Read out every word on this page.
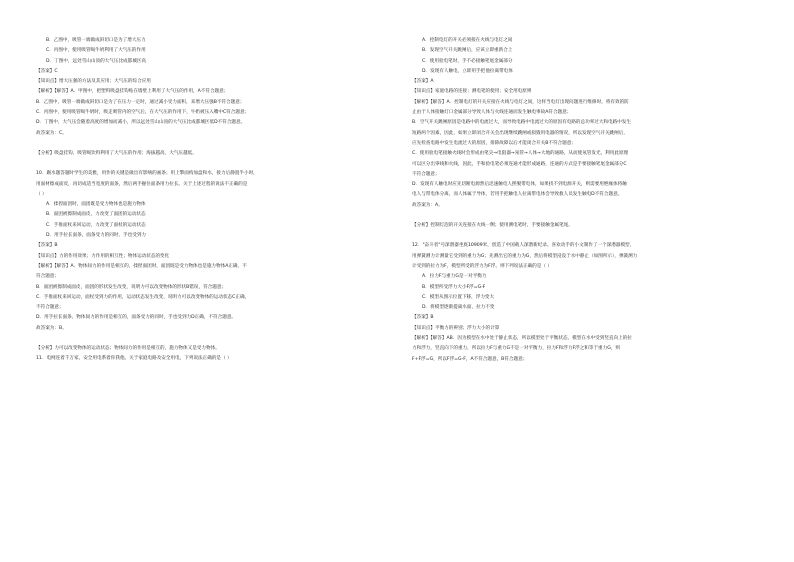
B．乙图中，吸管一端做成斜切口是为了增大压力
C．丙图中，使用吸管喝牛奶利用了大气压的作用
D．丁图中，远处雪山山顶的大气压比成都城区高
【答案】C
【知识点】增大压强的方法及其应用；大气压的综合应用
【解析】【解答】A．甲图中，把塑料吸盘挂钩贴在墙壁上利用了大气压的作用，A不符合题意；
B．乙图中，吸管一端做成斜切口是为了在压力一定时，通过减小受力面积，来增大压强B不符合题意；
C．丙图中，使用吸管喝牛奶时，吸走吸管内的空气后，在大气压的作用下，牛奶被压入嘴中C符合题意；
D．丁图中，大气压会随着高度的增加而减小，所以远处雪山山顶的大气压比成都城区低D不符合题意。
故答案为：C。
【分析】吸盘挂钩、吸管喝饮料利用了大气压的作用；海拔越高，大气压越低。
10．踢水题答题时学生的美雅，用作的关键是做出有影响的画条；用上擎面构加盘和水，接力后静置半小时，
用面材擦成面皮，再切成适当宽度的面条，然后两手握住面条用力拉长。关于上述过程的说法不正确的是
（ ）
A．揉捏面团时，面团既是受力物体也是施力物体
B．面团被擦制成面皮，力改变了面团的运动状态
C．手推面杖来回运动，力改变了面杖的运动状态
D．用手拉长面条，面条受力的同时，手也受到力
【答案】B
【知识点】力的作用效果；力作用的相互性；物体运动状态的变化
【解析】【解答】A．物体间力的作用是相互的，揉捏面团时，面团既是受力物体也是施力物体A正确，不
符合题意；
B．面团被擦制成面皮，面团的形状发生改变，说明力可以改变物体的形状B错误，符合题意；
C．手推面杖来回运动，面杖受到力的作用，运动状态发生改变，说明力可以改变物体的运动状态C正确，
不符合题意；
D．用手拉长面条，物体间力的作用是相互的，面条受力的同时，手也受到力D正确，不符合题意。
故答案为：B。
【分析】力可以改变物体的运动状态；物体间力的作用是相互的，施力物体又是受力物体。
11．电网连着千万家，安全用电系着你我他。关于家庭电路及安全用电，下列说法正确的是（ ）
A．控制电灯的开关必须接在火线与电灯之间
B．发现空气开关跳闸后，应该立即重新合上
C．使用验电笔时，手不必接触笔尾金属部分
D．发现有人触电，立即用手把他拉离带电体
【答案】A
【知识点】家庭电路的连接；测电笔的使用；安全用电原则
【解析】【解答】A．控制电灯的开关应接在火线与电灯之间，这样当电灯出现问题进行维修时，将有效的防
止由于人体接触灯口金属部分导致人体与火线连通而发生触电事故A符合题意；
B．空气开关跳闸原因是电路中的电流过大，而导致电路中电流过大的原因有电路的总功率过大和电路中发生
短路两个因素，因此，如果立即闭合开关会出现继续跳闸或损毁用电器的情况，所以发现空气开关跳闸后，
应先检查电路中发生电流过大的原因，排除故障以后才能闭合开关B不符合题意；
C．使用验电笔接触火线时会形成由笔尖→电阻器→氖管→人体→大地的通路，从而使氖管发光，利用此原理
可以区分出零线和火线，因此，手和验电笔必须连通才能形成通路，连通的方式是手要接触笔尾金属部分C
不符合题意；
D．发现有人触电时应先切断电源然后迅速触电人摆脱带电体，如果找不到电源开关，则需要用绝缘体将触
电人与带电体分离，而人体属于导体，若用手把触电人拉离带电体会导致救人员发生触电D不符合题意。
故答案为：A。
【分析】控制灯泡的开关连接在火线一侧；使用测电笔时，手要接触金属笔尾。
12．"奋斗者"号深潜器坐底10909米，创造了中国载人深潜新纪录。喜欢动手的小文制作了一个深潜器模型，
用弹簧测力计测量它受到的重力为G；先测出它的重力为G，然后将模型浸没于水中静止（如图所示），弹簧测力
计受到的拉力为F，模型所受的浮力为F浮。则下列说法正确的是（ ）
A．拉力F与重力G是一对平衡力
B．模型所受浮力大小F浮=G-F
C．模型从图示位置下移，浮力变大
D．将模型逐渐提离水面，拉力不变
【答案】B
【知识点】平衡力的辨别；浮力大小的计算
【解析】【解答】AB．因为模型在水中处于静止状态，所以模型处于平衡状态，模型在水中受到竖直向上的拉
力和浮力，竖直向下的重力，所以拉力F与重力G不是一对平衡力，拉力F和浮力F浮之和等于重力G，则
F+F浮=G，所以F浮=G-F，A不符合题意，B符合题意；
